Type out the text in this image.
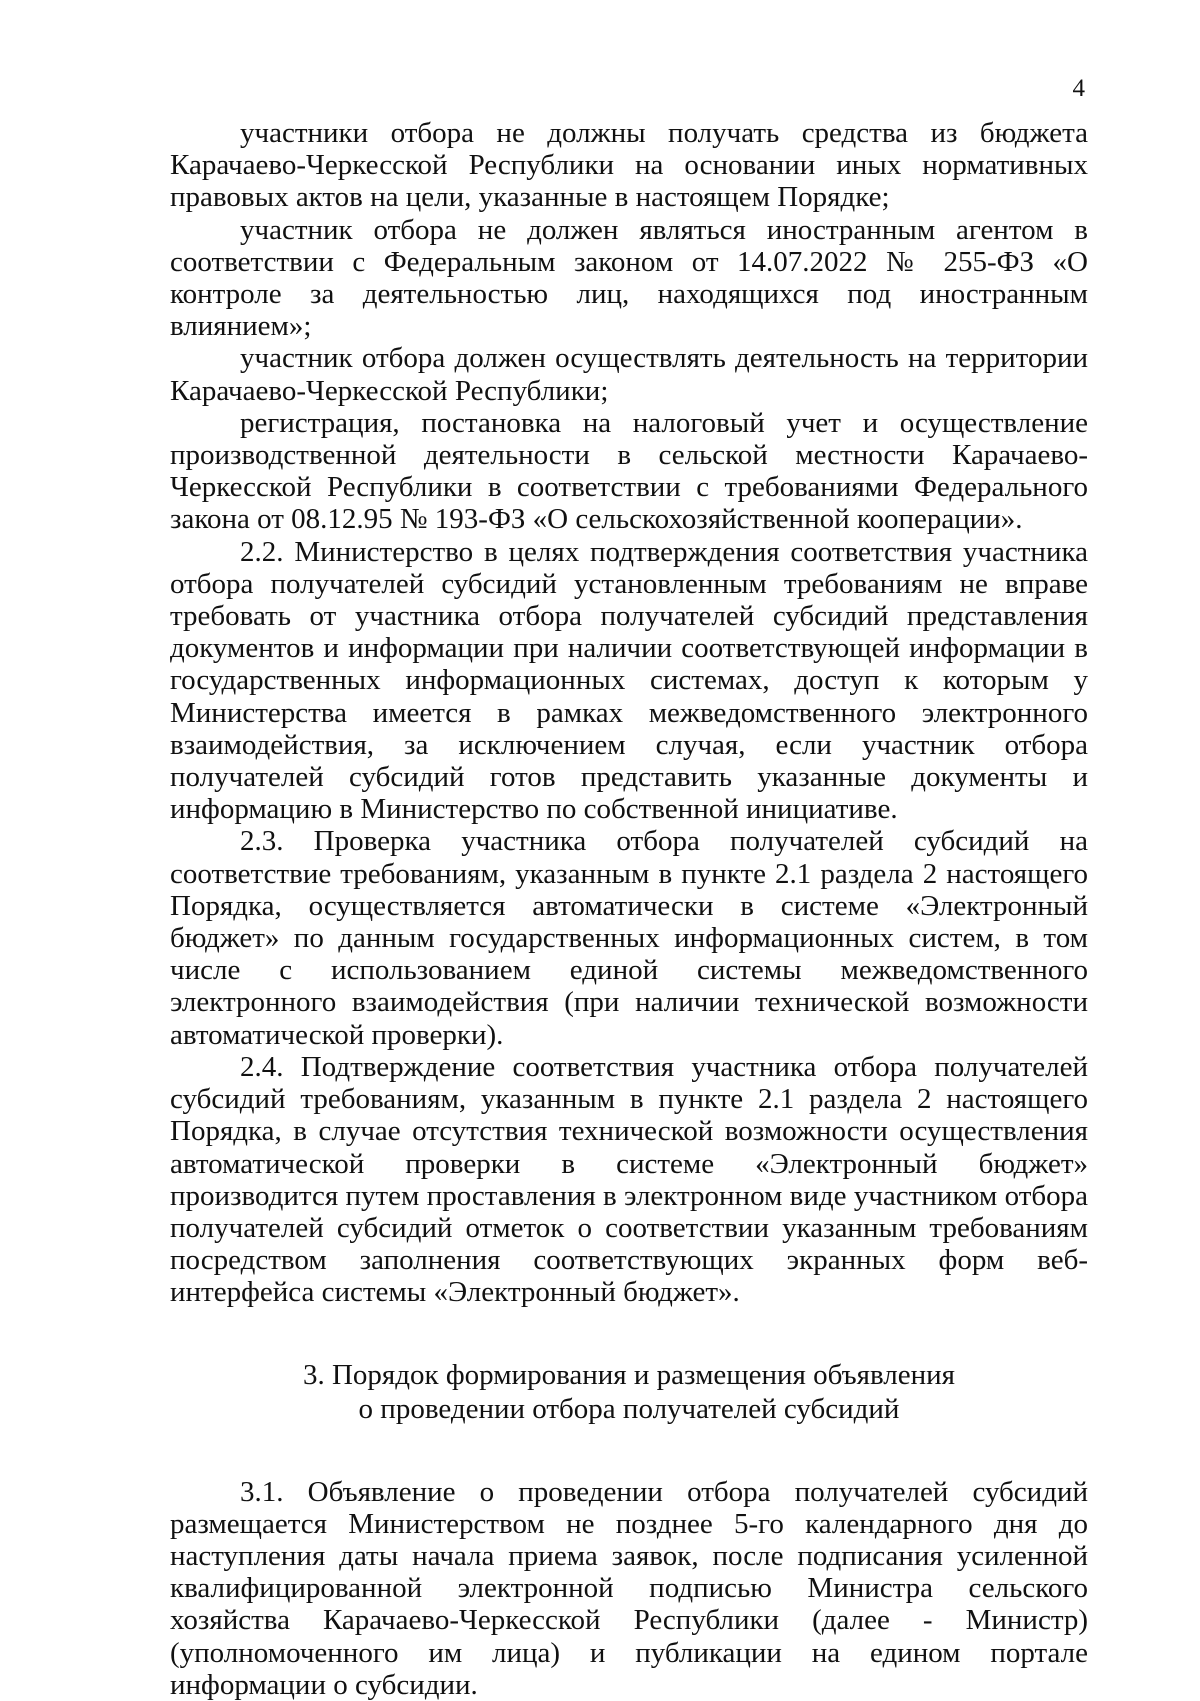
4

участники отбора не должны получать средства из бюджета Карачаево-Черкесской Республики на основании иных нормативных правовых актов на цели, указанные в настоящем Порядке;

участник отбора не должен являться иностранным агентом в соответствии с Федеральным законом от 14.07.2022 № 255-ФЗ «О контроле за деятельностью лиц, находящихся под иностранным влиянием»;

участник отбора должен осуществлять деятельность на территории Карачаево-Черкесской Республики;

регистрация, постановка на налоговый учет и осуществление производственной деятельности в сельской местности Карачаево-Черкесской Республики в соответствии с требованиями Федерального закона от 08.12.95 № 193-ФЗ «О сельскохозяйственной кооперации».

2.2. Министерство в целях подтверждения соответствия участника отбора получателей субсидий установленным требованиям не вправе требовать от участника отбора получателей субсидий представления документов и информации при наличии соответствующей информации в государственных информационных системах, доступ к которым у Министерства имеется в рамках межведомственного электронного взаимодействия, за исключением случая, если участник отбора получателей субсидий готов представить указанные документы и информацию в Министерство по собственной инициативе.

2.3. Проверка участника отбора получателей субсидий на соответствие требованиям, указанным в пункте 2.1 раздела 2 настоящего Порядка, осуществляется автоматически в системе «Электронный бюджет» по данным государственных информационных систем, в том числе с использованием единой системы межведомственного электронного взаимодействия (при наличии технической возможности автоматической проверки).

2.4. Подтверждение соответствия участника отбора получателей субсидий требованиям, указанным в пункте 2.1 раздела 2 настоящего Порядка, в случае отсутствия технической возможности осуществления автоматической проверки в системе «Электронный бюджет» производится путем проставления в электронном виде участником отбора получателей субсидий отметок о соответствии указанным требованиям посредством заполнения соответствующих экранных форм веб-интерфейса системы «Электронный бюджет».

3. Порядок формирования и размещения объявления
о проведении отбора получателей субсидий

3.1. Объявление о проведении отбора получателей субсидий размещается Министерством не позднее 5-го календарного дня до наступления даты начала приема заявок, после подписания усиленной квалифицированной электронной подписью Министра сельского хозяйства Карачаево-Черкесской Республики (далее - Министр) (уполномоченного им лица) и публикации на едином портале информации о субсидии.
